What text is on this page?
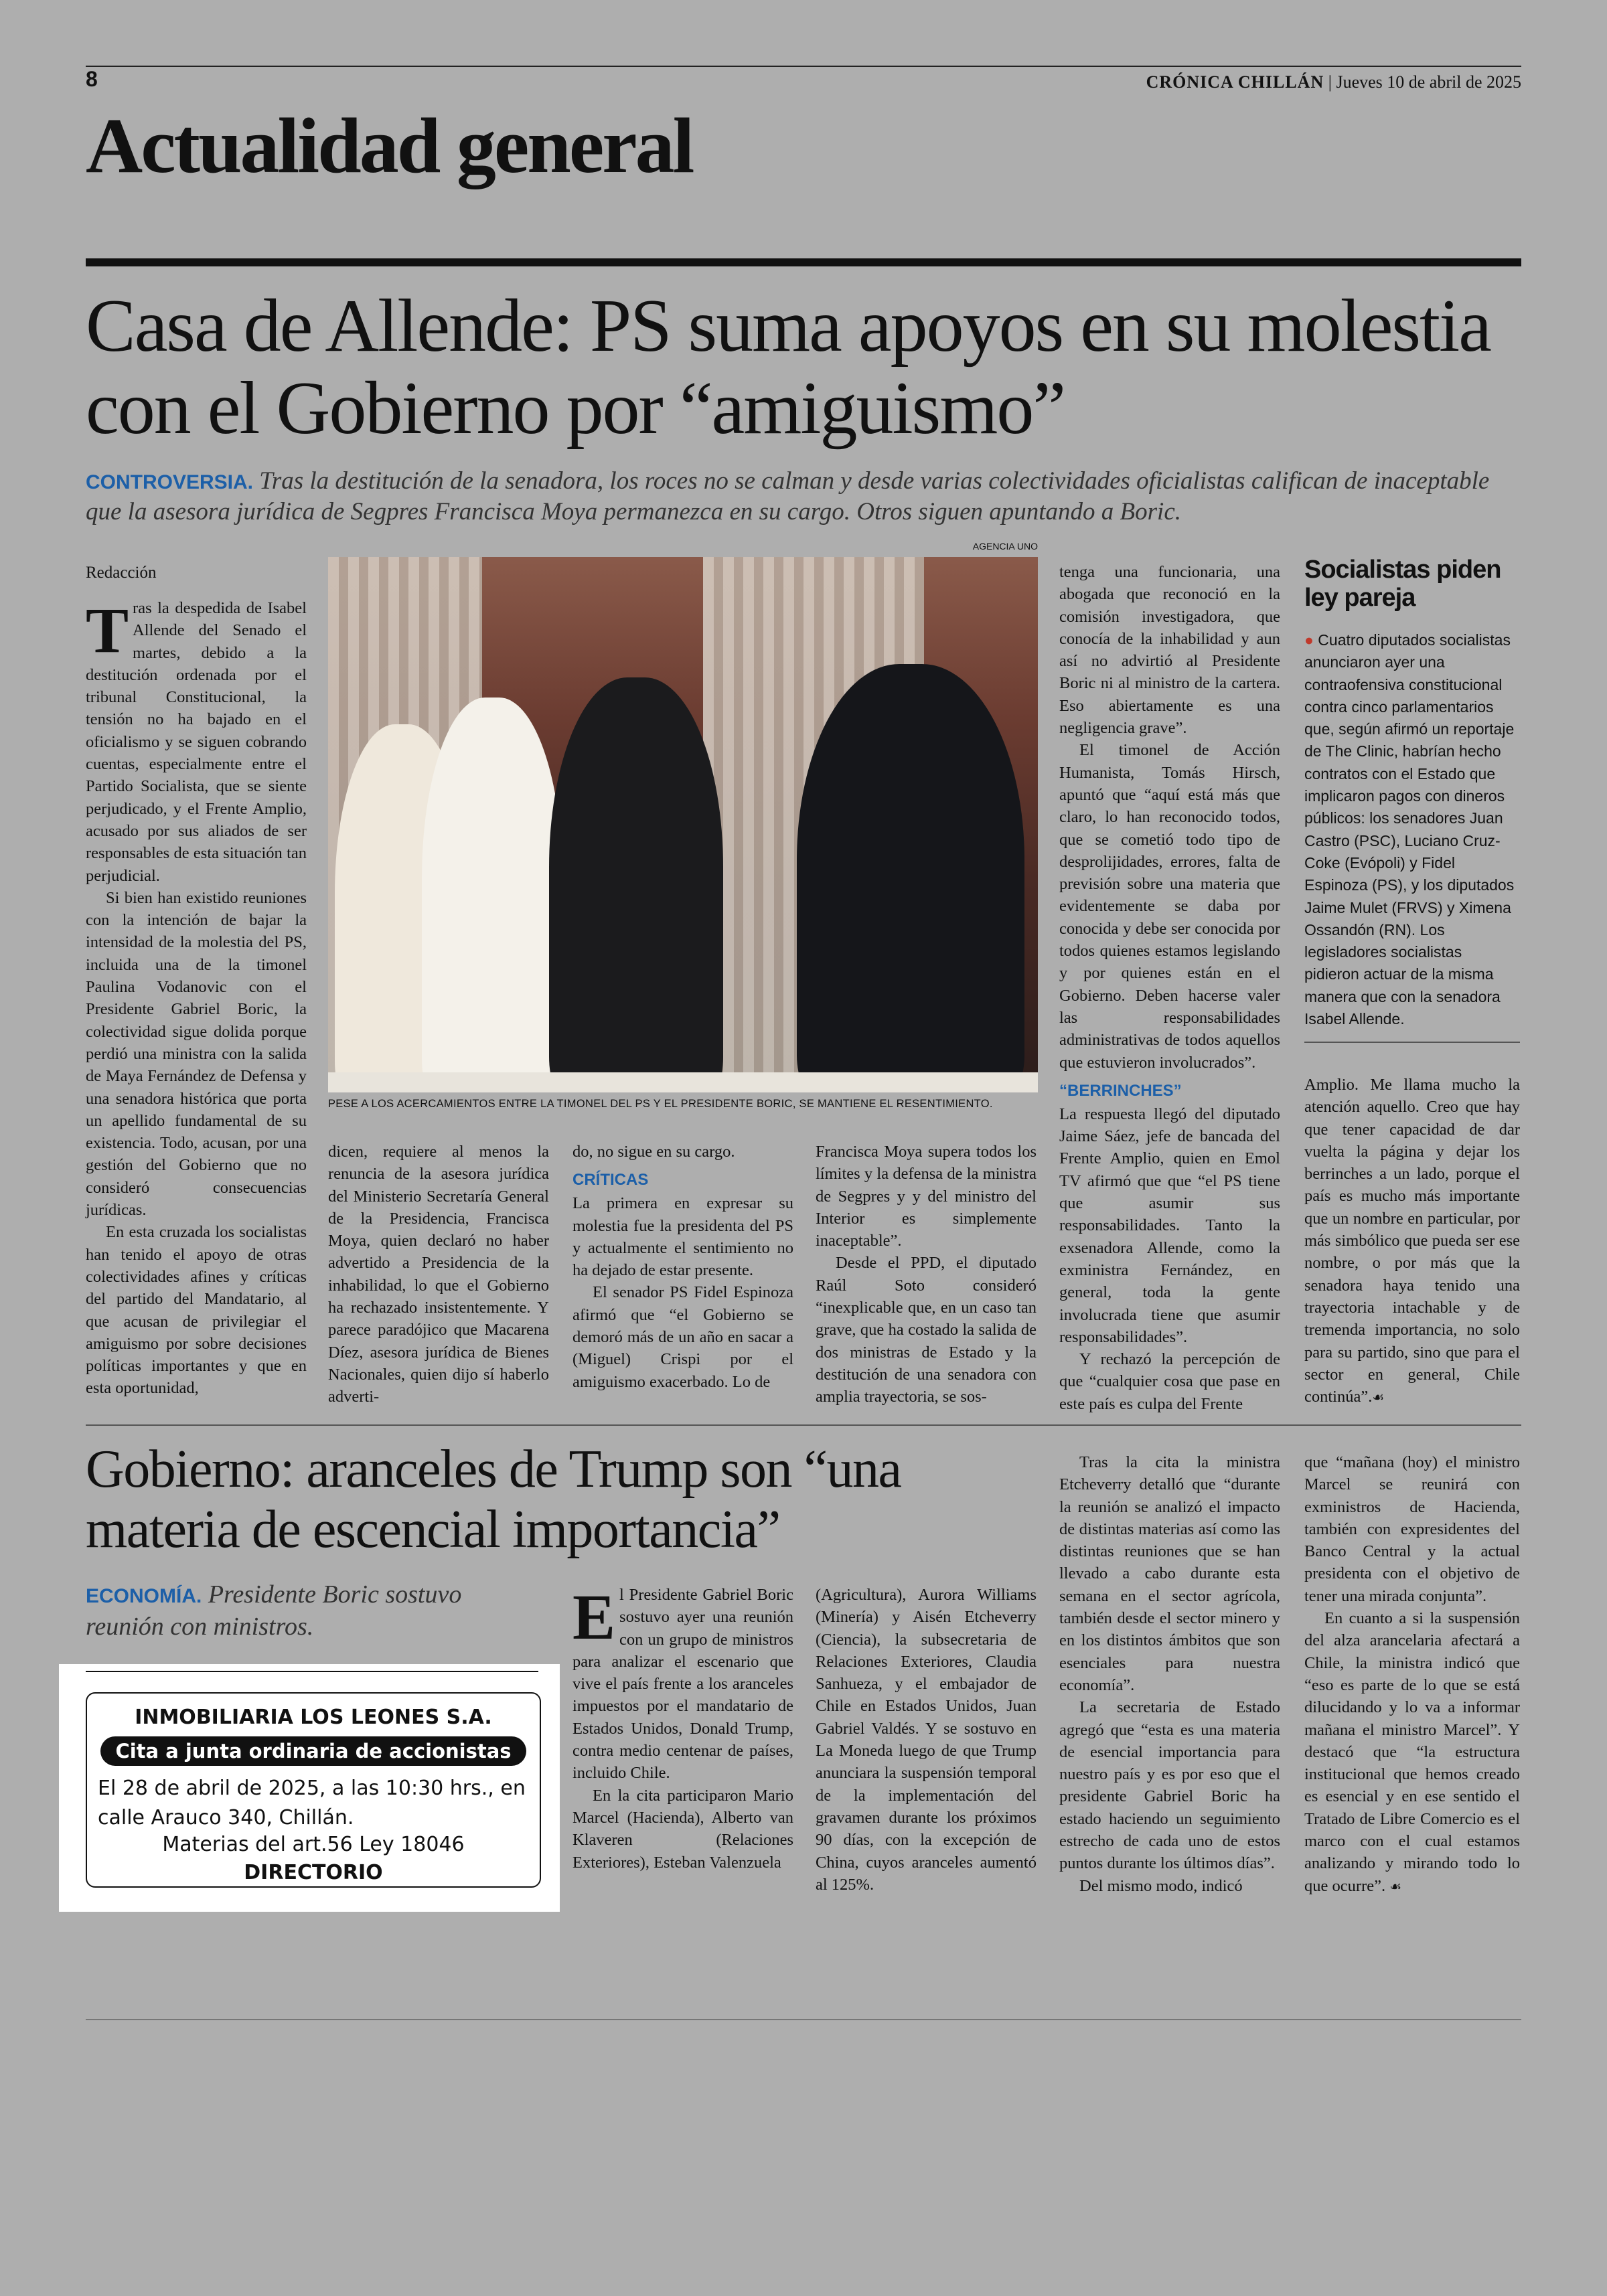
8	CRÓNICA CHILLÁN | Jueves 10 de abril de 2025
Actualidad general
Casa de Allende: PS suma apoyos en su molestia con el Gobierno por “amiguismo”
CONTROVERSIA. Tras la destitución de la senadora, los roces no se calman y desde varias colectividades oficialistas califican de inaceptable que la asesora jurídica de Segpres Francisca Moya permanezca en su cargo. Otros siguen apuntando a Boric.

Redacción

Tras la despedida de Isabel Allende del Senado el martes, debido a la destitución ordenada por el tribunal Constitucional, la tensión no ha bajado en el oficialismo y se siguen cobrando cuentas, especialmente entre el Partido Socialista, que se siente perjudicado, y el Frente Amplio, acusado por sus aliados de ser responsables de esta situación tan perjudicial.

Si bien han existido reuniones con la intención de bajar la intensidad de la molestia del PS, incluida una de la timonel Paulina Vodanovic con el Presidente Gabriel Boric, la colectividad sigue dolida porque perdió una ministra con la salida de Maya Fernández de Defensa y una senadora histórica que porta un apellido fundamental de su existencia. Todo, acusan, por una gestión del Gobierno que no consideró consecuencias jurídicas.

En esta cruzada los socialistas han tenido el apoyo de otras colectividades afines y críticas del partido del Mandatario, al que acusan de privilegiar el amiguismo por sobre decisiones políticas importantes y que en esta oportunidad,

AGENCIA UNO
PESE A LOS ACERCAMIENTOS ENTRE LA TIMONEL DEL PS Y EL PRESIDENTE BORIC, SE MANTIENE EL RESENTIMIENTO.

dicen, requiere al menos la renuncia de la asesora jurídica del Ministerio Secretaría General de la Presidencia, Francisca Moya, quien declaró no haber advertido a Presidencia de la inhabilidad, lo que el Gobierno ha rechazado insistentemente. Y parece paradójico que Macarena Díez, asesora jurídica de Bienes Nacionales, quien dijo sí haberlo adverti-

do, no sigue en su cargo.

CRÍTICAS

La primera en expresar su molestia fue la presidenta del PS y actualmente el sentimiento no ha dejado de estar presente.

El senador PS Fidel Espinoza afirmó que “el Gobierno se demoró más de un año en sacar a (Miguel) Crispi por el amiguismo exacerbado. Lo de

Francisca Moya supera todos los límites y la defensa de la ministra de Segpres y y del ministro del Interior es simplemente inaceptable”.

Desde el PPD, el diputado Raúl Soto consideró “inexplicable que, en un caso tan grave, que ha costado la salida de dos ministras de Estado y la destitución de una senadora con amplia trayectoria, se sos-

tenga una funcionaria, una abogada que reconoció en la comisión investigadora, que conocía de la inhabilidad y aun así no advirtió al Presidente Boric ni al ministro de la cartera. Eso abiertamente es una negligencia grave”.

El timonel de Acción Humanista, Tomás Hirsch, apuntó que “aquí está más que claro, lo han reconocido todos, que se cometió todo tipo de desprolijidades, errores, falta de previsión sobre una materia que evidentemente se daba por conocida y debe ser conocida por todos quienes estamos legislando y por quienes están en el Gobierno. Deben hacerse valer las responsabilidades administrativas de todos aquellos que estuvieron involucrados”.

“BERRINCHES”

La respuesta llegó del diputado Jaime Sáez, jefe de bancada del Frente Amplio, quien en Emol TV afirmó que que “el PS tiene que asumir sus responsabilidades. Tanto la exsenadora Allende, como la exministra Fernández, en general, toda la gente involucrada tiene que asumir responsabilidades”.

Y rechazó la percepción de que “cualquier cosa que pase en este país es culpa del Frente

Socialistas piden ley pareja
● Cuatro diputados socialistas anunciaron ayer una contraofensiva constitucional contra cinco parlamentarios que, según afirmó un reportaje de The Clinic, habrían hecho contratos con el Estado que implicaron pagos con dineros públicos: los senadores Juan Castro (PSC), Luciano Cruz-Coke (Evópoli) y Fidel Espinoza (PS), y los diputados Jaime Mulet (FRVS) y Ximena Ossandón (RN). Los legisladores socialistas pidieron actuar de la misma manera que con la senadora Isabel Allende.

Amplio. Me llama mucho la atención aquello. Creo que hay que tener capacidad de dar vuelta la página y dejar los berrinches a un lado, porque el país es mucho más importante que un nombre en particular, por más simbólico que pueda ser ese nombre, o por más que la senadora haya tenido una trayectoria intachable y de tremenda importancia, no solo para su partido, sino que para el sector en general, Chile continúa”.☙

Gobierno: aranceles de Trump son “una materia de escencial importancia”
ECONOMÍA. Presidente Boric sostuvo reunión con ministros.	El Presidente Gabriel Boric sostuvo ayer una reunión con un grupo de ministros para analizar el escenario que vive el país frente a los aranceles impuestos por el mandatario de Estados Unidos, Donald Trump, contra medio centenar de países, incluido Chile.

En la cita participaron Mario Marcel (Hacienda), Alberto van Klaveren (Relaciones Exteriores), Esteban Valenzuela

(Agricultura), Aurora Williams (Minería) y Aisén Etcheverry (Ciencia), la subsecretaria de Relaciones Exteriores, Claudia Sanhueza, y el embajador de Chile en Estados Unidos, Juan Gabriel Valdés. Y se sostuvo en La Moneda luego de que Trump anunciara la suspensión temporal de la implementación del gravamen durante los próximos 90 días, con la excepción de China, cuyos aranceles aumentó al 125%.

Tras la cita la ministra Etcheverry detalló que “durante la reunión se analizó el impacto de distintas materias así como las distintas reuniones que se han llevado a cabo durante esta semana en el sector agrícola, también desde el sector minero y en los distintos ámbitos que son esenciales para nuestra economía”.

La secretaria de Estado agregó que “esta es una materia de esencial importancia para nuestro país y es por eso que el presidente Gabriel Boric ha estado haciendo un seguimiento estrecho de cada uno de estos puntos durante los últimos días”.

Del mismo modo, indicó

que “mañana (hoy) el ministro Marcel se reunirá con exministros de Hacienda, también con expresidentes del Banco Central y la actual presidenta con el objetivo de tener una mirada conjunta”.

En cuanto a si la suspensión del alza arancelaria afectará a Chile, la ministra indicó que “eso es parte de lo que se está dilucidando y lo va a informar mañana el ministro Marcel”. Y destacó que “la estructura institucional que hemos creado es esencial y en ese sentido el Tratado de Libre Comercio es el marco con el cual estamos analizando y mirando todo lo que ocurre”. ☙

INMOBILIARIA LOS LEONES S.A.
Cita a junta ordinaria de accionistas
El 28 de abril de 2025, a las 10:30 hrs., en calle Arauco 340, Chillán.
Materias del art.56 Ley 18046
DIRECTORIO
